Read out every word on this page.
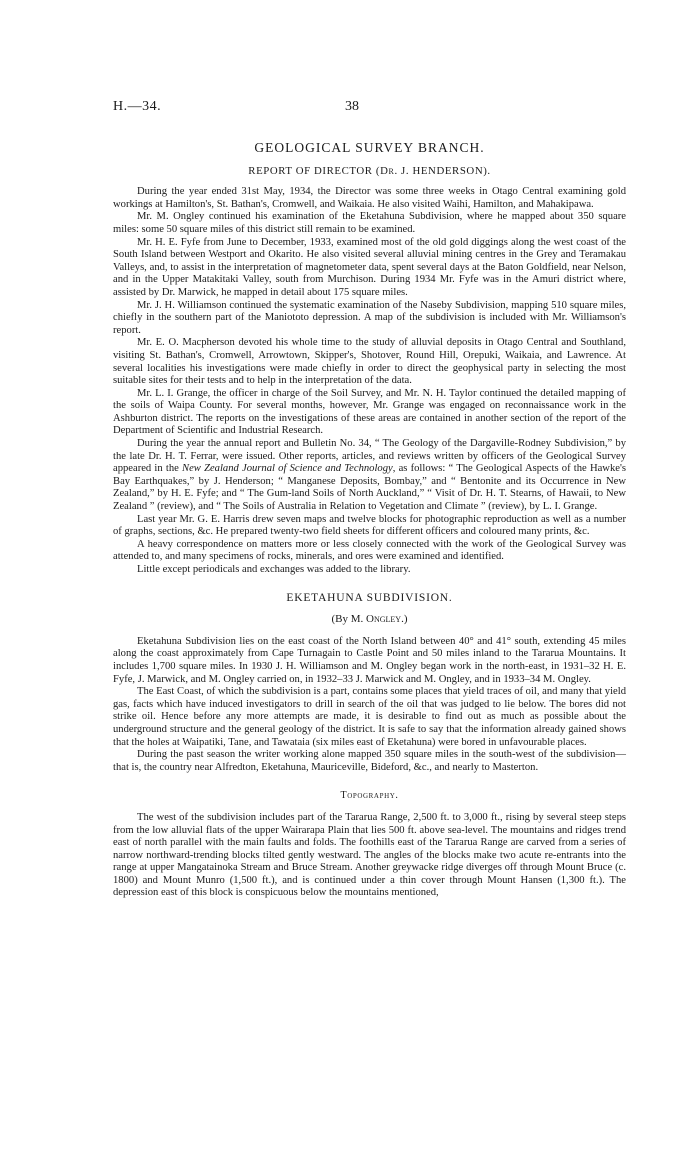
H.—34.	38
GEOLOGICAL SURVEY BRANCH.
REPORT OF DIRECTOR (Dr. J. HENDERSON).

During the year ended 31st May, 1934, the Director was some three weeks in Otago Central examining gold workings at Hamilton's, St. Bathan's, Cromwell, and Waikaia. He also visited Waihi, Hamilton, and Mahakipawa.

Mr. M. Ongley continued his examination of the Eketahuna Subdivision, where he mapped about 350 square miles: some 50 square miles of this district still remain to be examined.

Mr. H. E. Fyfe from June to December, 1933, examined most of the old gold diggings along the west coast of the South Island between Westport and Okarito. He also visited several alluvial mining centres in the Grey and Teramakau Valleys, and, to assist in the interpretation of magnetometer data, spent several days at the Baton Goldfield, near Nelson, and in the Upper Matakitaki Valley, south from Murchison. During 1934 Mr. Fyfe was in the Amuri district where, assisted by Dr. Marwick, he mapped in detail about 175 square miles.

Mr. J. H. Williamson continued the systematic examination of the Naseby Subdivision, mapping 510 square miles, chiefly in the southern part of the Maniototo depression. A map of the subdivision is included with Mr. Williamson's report.

Mr. E. O. Macpherson devoted his whole time to the study of alluvial deposits in Otago Central and Southland, visiting St. Bathan's, Cromwell, Arrowtown, Skipper's, Shotover, Round Hill, Orepuki, Waikaia, and Lawrence. At several localities his investigations were made chiefly in order to direct the geophysical party in selecting the most suitable sites for their tests and to help in the interpretation of the data.

Mr. L. I. Grange, the officer in charge of the Soil Survey, and Mr. N. H. Taylor continued the detailed mapping of the soils of Waipa County. For several months, however, Mr. Grange was engaged on reconnaissance work in the Ashburton district. The reports on the investigations of these areas are contained in another section of the report of the Department of Scientific and Industrial Research.

During the year the annual report and Bulletin No. 34, “ The Geology of the Dargaville-Rodney Subdivision,” by the late Dr. H. T. Ferrar, were issued. Other reports, articles, and reviews written by officers of the Geological Survey appeared in the New Zealand Journal of Science and Technology, as follows: “ The Geological Aspects of the Hawke's Bay Earthquakes,” by J. Henderson; “ Manganese Deposits, Bombay,” and “ Bentonite and its Occurrence in New Zealand,” by H. E. Fyfe; and “ The Gum-land Soils of North Auckland,” “ Visit of Dr. H. T. Stearns, of Hawaii, to New Zealand ” (review), and “ The Soils of Australia in Relation to Vegetation and Climate ” (review), by L. I. Grange.

Last year Mr. G. E. Harris drew seven maps and twelve blocks for photographic reproduction as well as a number of graphs, sections, &c. He prepared twenty-two field sheets for different officers and coloured many prints, &c.

A heavy correspondence on matters more or less closely connected with the work of the Geological Survey was attended to, and many specimens of rocks, minerals, and ores were examined and identified.

Little except periodicals and exchanges was added to the library.

EKETAHUNA SUBDIVISION.
(By M. Ongley.)

Eketahuna Subdivision lies on the east coast of the North Island between 40° and 41° south, extending 45 miles along the coast approximately from Cape Turnagain to Castle Point and 50 miles inland to the Tararua Mountains. It includes 1,700 square miles. In 1930 J. H. Williamson and M. Ongley began work in the north-east, in 1931–32 H. E. Fyfe, J. Marwick, and M. Ongley carried on, in 1932–33 J. Marwick and M. Ongley, and in 1933–34 M. Ongley.

The East Coast, of which the subdivision is a part, contains some places that yield traces of oil, and many that yield gas, facts which have induced investigators to drill in search of the oil that was judged to lie below. The bores did not strike oil. Hence before any more attempts are made, it is desirable to find out as much as possible about the underground structure and the general geology of the district. It is safe to say that the information already gained shows that the holes at Waipatiki, Tane, and Tawataia (six miles east of Eketahuna) were bored in unfavourable places.

During the past season the writer working alone mapped 350 square miles in the south-west of the subdivision—that is, the country near Alfredton, Eketahuna, Mauriceville, Bideford, &c., and nearly to Masterton.

Topography.

The west of the subdivision includes part of the Tararua Range, 2,500 ft. to 3,000 ft., rising by several steep steps from the low alluvial flats of the upper Wairarapa Plain that lies 500 ft. above sea-level. The mountains and ridges trend east of north parallel with the main faults and folds. The foothills east of the Tararua Range are carved from a series of narrow northward-trending blocks tilted gently westward. The angles of the blocks make two acute re-entrants into the range at upper Mangatainoka Stream and Bruce Stream. Another greywacke ridge diverges off through Mount Bruce (c. 1800) and Mount Munro (1,500 ft.), and is continued under a thin cover through Mount Hansen (1,300 ft.). The depression east of this block is conspicuous below the mountains mentioned,
